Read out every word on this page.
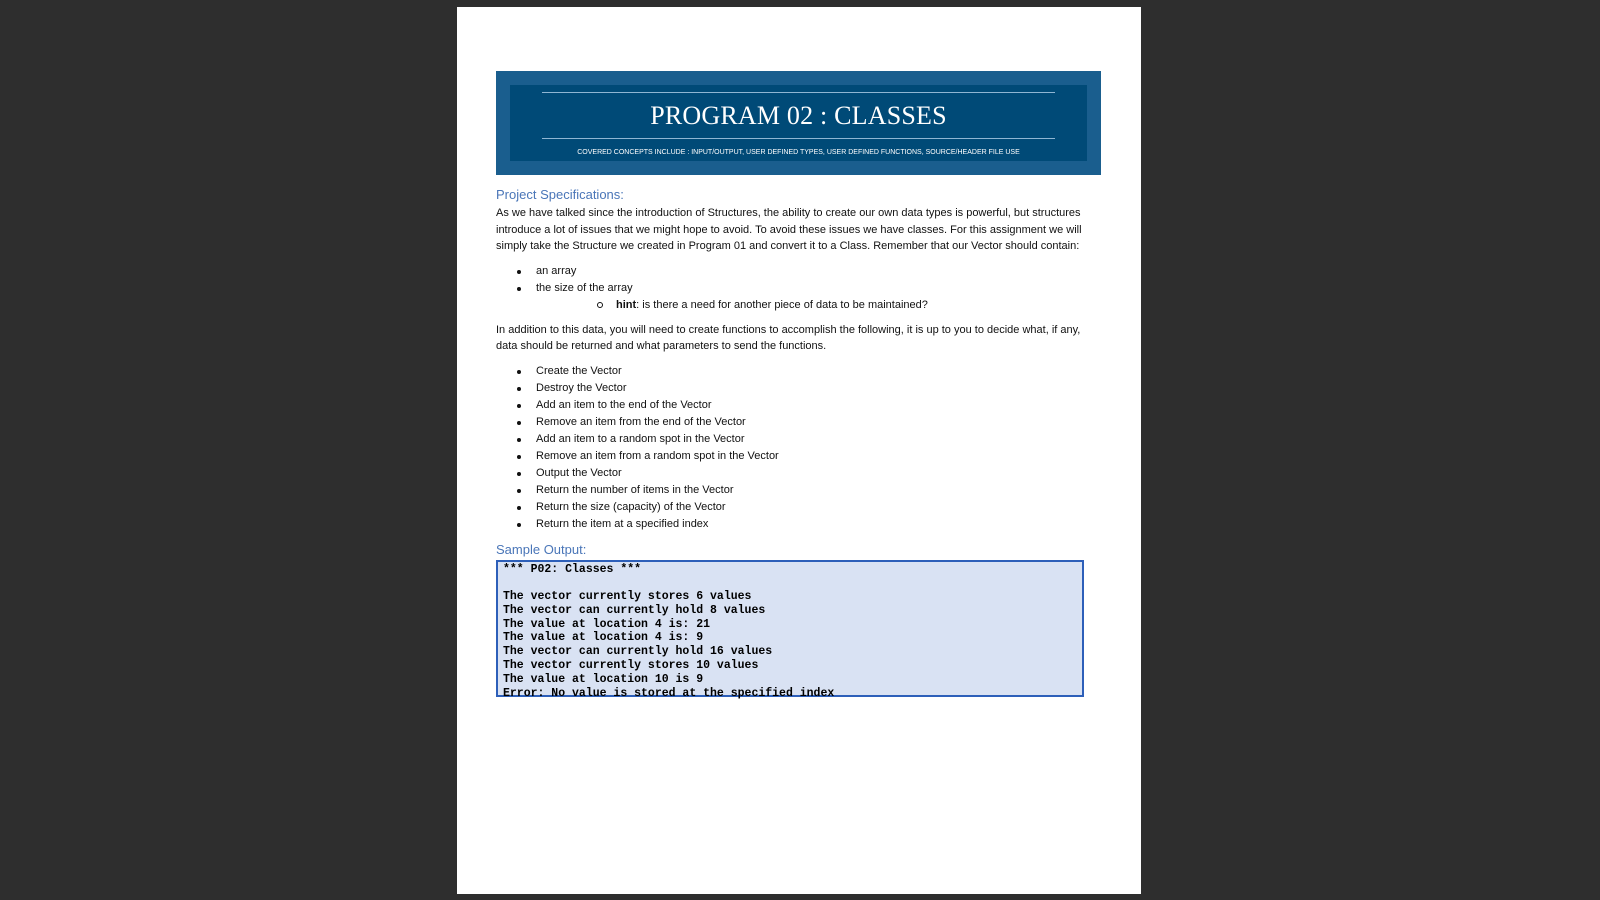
PROGRAM 02 : CLASSES
COVERED CONCEPTS INCLUDE : INPUT/OUTPUT, USER DEFINED TYPES, USER DEFINED FUNCTIONS, SOURCE/HEADER FILE USE
Project Specifications:

As we have talked since the introduction of Structures, the ability to create our own data types is powerful, but structures introduce a lot of issues that we might hope to avoid. To avoid these issues we have classes. For this assignment we will simply take the Structure we created in Program 01 and convert it to a Class. Remember that our Vector should contain:

an array
the size of the array
hint: is there a need for another piece of data to be maintained?

In addition to this data, you will need to create functions to accomplish the following, it is up to you to decide what, if any, data should be returned and what parameters to send the functions.

Create the Vector
Destroy the Vector
Add an item to the end of the Vector
Remove an item from the end of the Vector
Add an item to a random spot in the Vector
Remove an item from a random spot in the Vector
Output the Vector
Return the number of items in the Vector
Return the size (capacity) of the Vector
Return the item at a specified index
Sample Output:
*** P02: Classes ***
The vector currently stores 6 values
The vector can currently hold 8 values
The value at location 4 is: 21
The value at location 4 is: 9
The vector can currently hold 16 values
The vector currently stores 10 values
The value at location 10 is 9
Error: No value is stored at the specified index
